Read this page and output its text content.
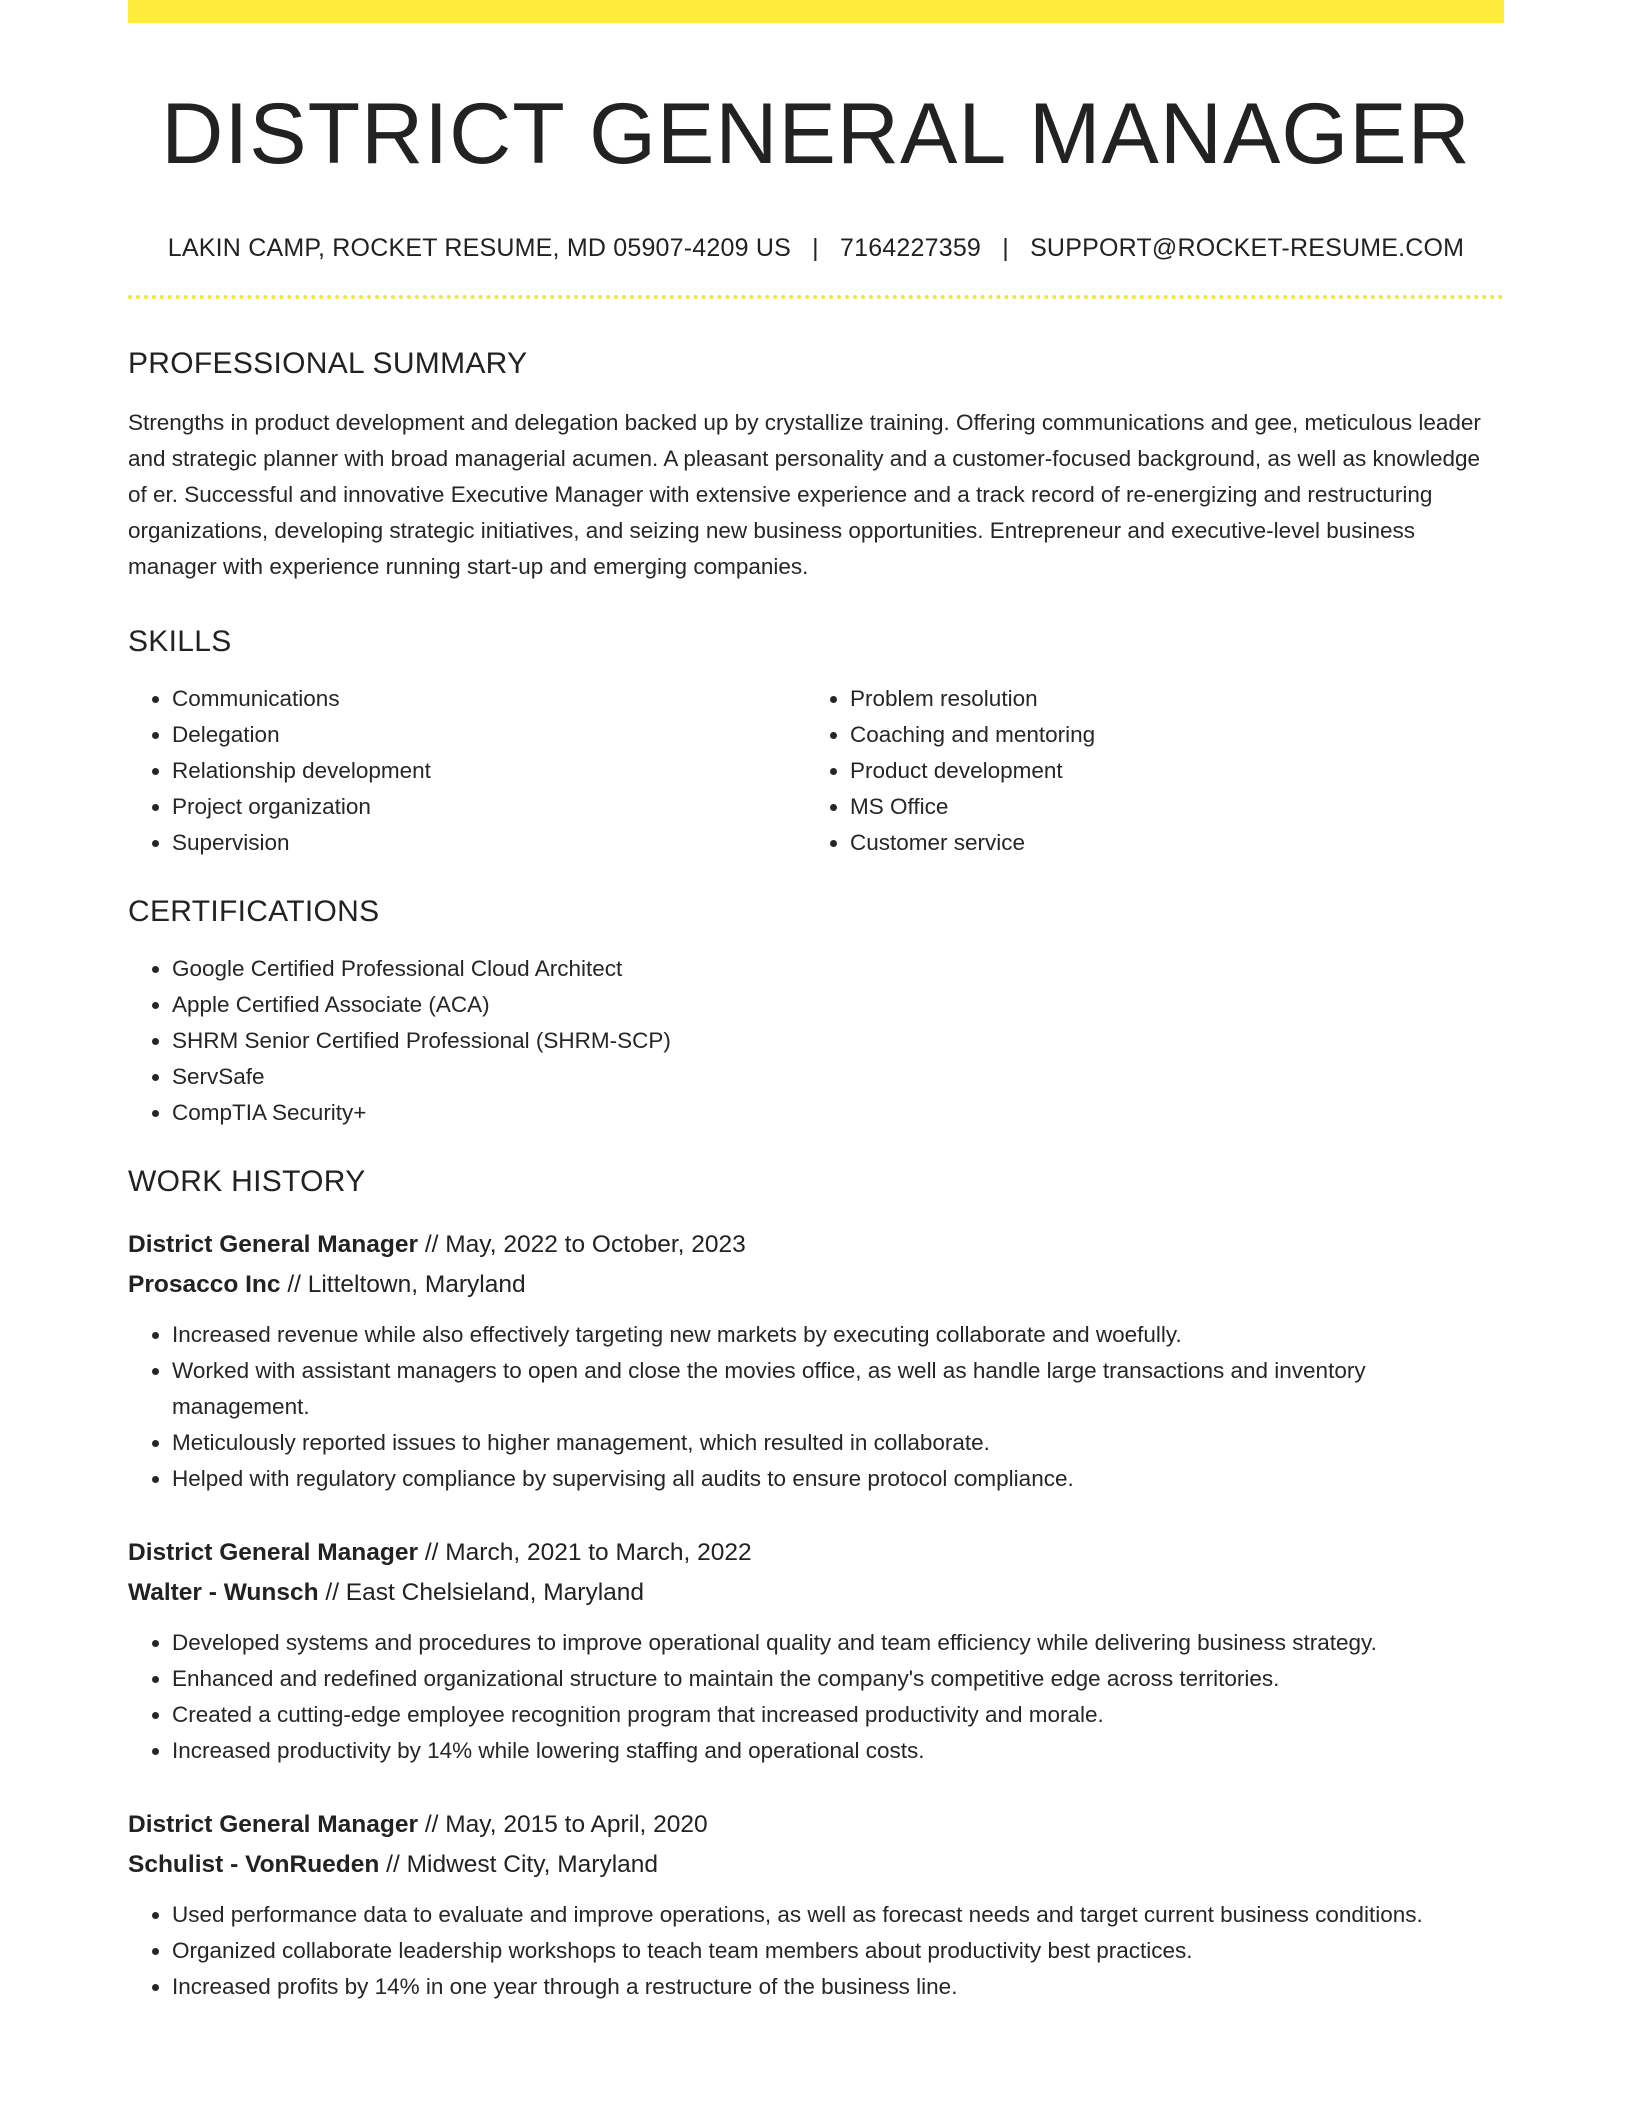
DISTRICT GENERAL MANAGER
LAKIN CAMP, ROCKET RESUME, MD 05907-4209 US | 7164227359 | SUPPORT@ROCKET-RESUME.COM
PROFESSIONAL SUMMARY

Strengths in product development and delegation backed up by crystallize training. Offering communications and gee, meticulous leader and strategic planner with broad managerial acumen. A pleasant personality and a customer-focused background, as well as knowledge of er. Successful and innovative Executive Manager with extensive experience and a track record of re-energizing and restructuring organizations, developing strategic initiatives, and seizing new business opportunities. Entrepreneur and executive-level business manager with experience running start-up and emerging companies.

SKILLS
• Communications
• Delegation
• Relationship development
• Project organization
• Supervision
• Problem resolution
• Coaching and mentoring
• Product development
• MS Office
• Customer service
CERTIFICATIONS
• Google Certified Professional Cloud Architect
• Apple Certified Associate (ACA)
• SHRM Senior Certified Professional (SHRM-SCP)
• ServSafe
• CompTIA Security+
WORK HISTORY
District General Manager // May, 2022 to October, 2023
Prosacco Inc // Litteltown, Maryland
• Increased revenue while also effectively targeting new markets by executing collaborate and woefully.
• Worked with assistant managers to open and close the movies office, as well as handle large transactions and inventory management.
• Meticulously reported issues to higher management, which resulted in collaborate.
• Helped with regulatory compliance by supervising all audits to ensure protocol compliance.
District General Manager // March, 2021 to March, 2022
Walter - Wunsch // East Chelsieland, Maryland
• Developed systems and procedures to improve operational quality and team efficiency while delivering business strategy.
• Enhanced and redefined organizational structure to maintain the company's competitive edge across territories.
• Created a cutting-edge employee recognition program that increased productivity and morale.
• Increased productivity by 14% while lowering staffing and operational costs.
District General Manager // May, 2015 to April, 2020
Schulist - VonRueden // Midwest City, Maryland
• Used performance data to evaluate and improve operations, as well as forecast needs and target current business conditions.
• Organized collaborate leadership workshops to teach team members about productivity best practices.
• Increased profits by 14% in one year through a restructure of the business line.
